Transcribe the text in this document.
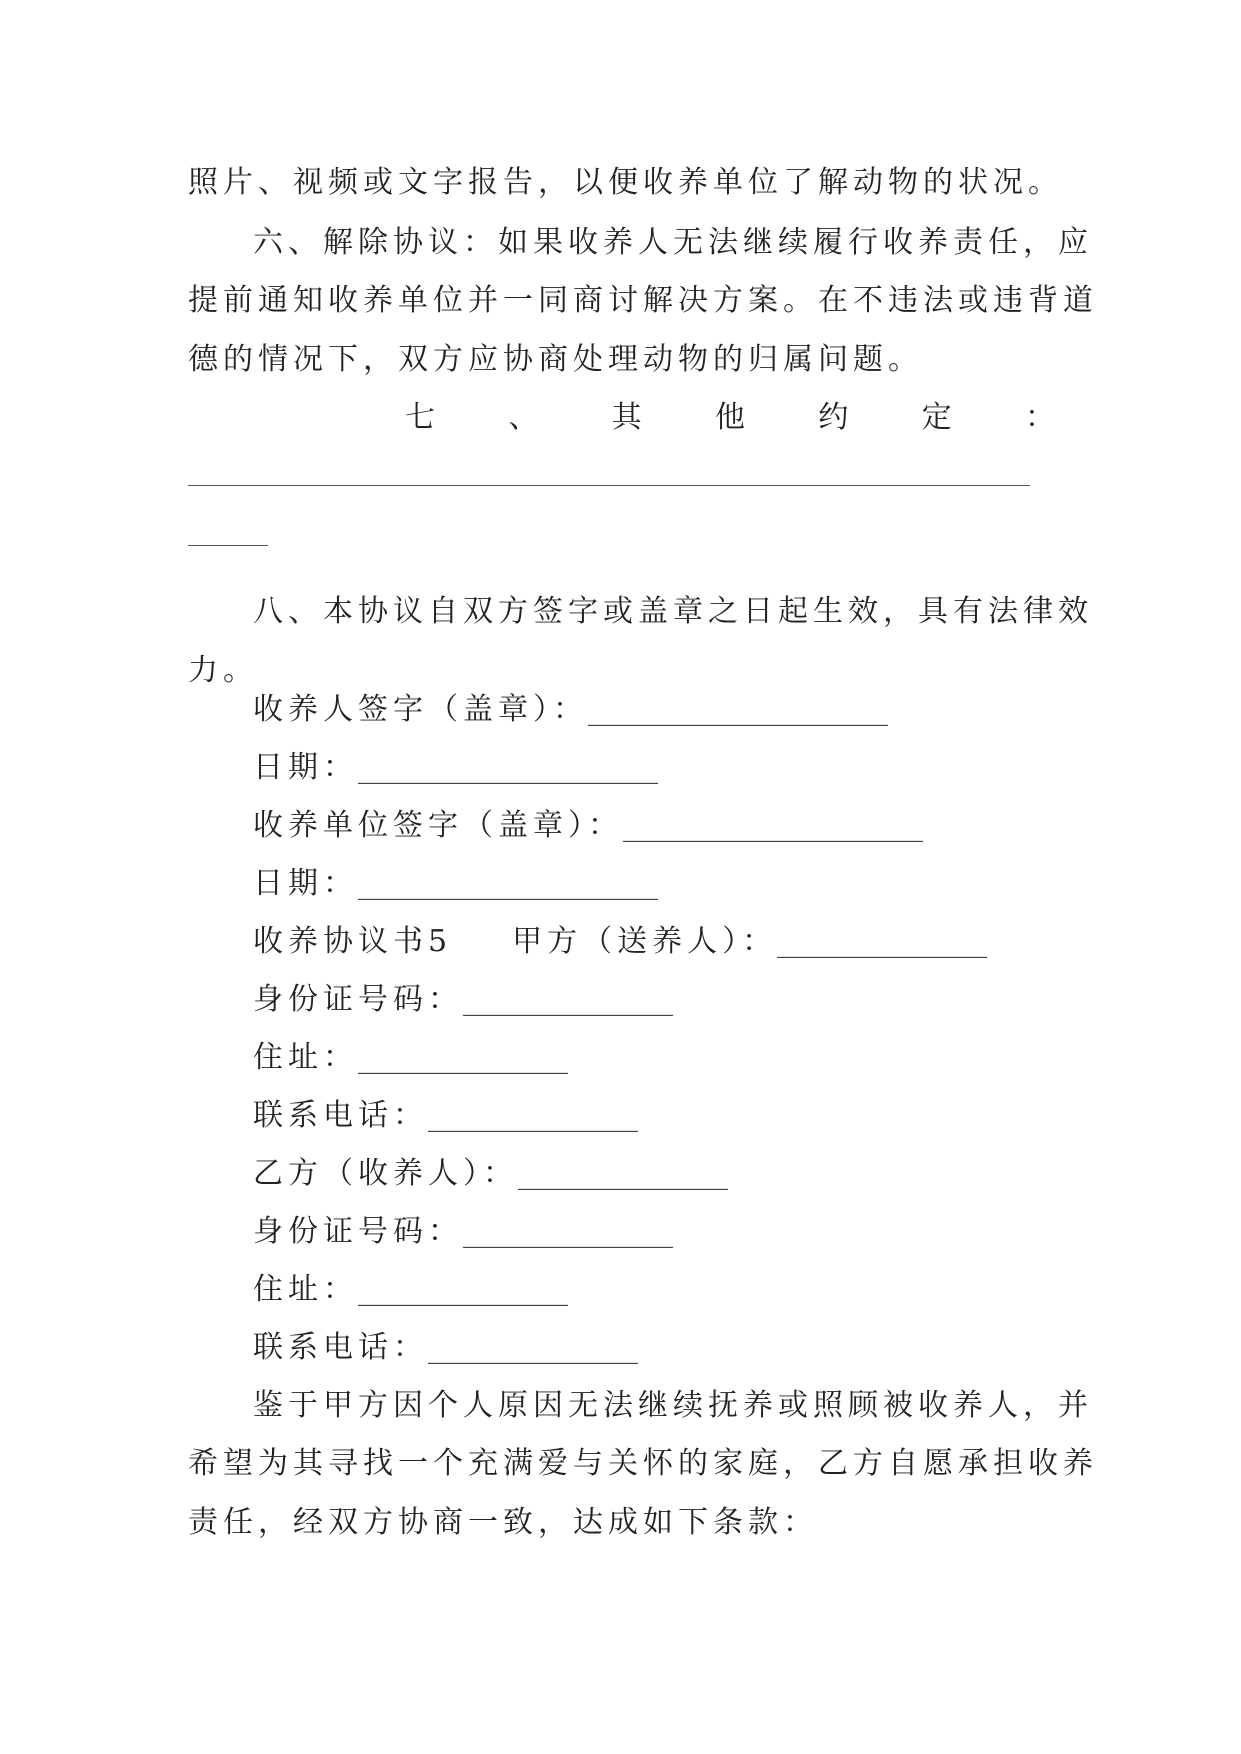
照片、视频或文字报告，以便收养单位了解动物的状况。
六、解除协议：如果收养人无法继续履行收养责任，应
提前通知收养单位并一同商讨解决方案。在不违法或违背道
德的情况下，双方应协商处理动物的归属问题。
七 、 其 他 约 定 ：
八、本协议自双方签字或盖章之日起生效，具有法律效
力。
收养人签字（盖章）：____________________
日期：____________________
收养单位签字（盖章）：____________________
日期：____________________
收养协议书5 甲方（送养人）：______________
身份证号码：______________
住址：______________
联系电话：______________
乙方（收养人）：______________
身份证号码：______________
住址：______________
联系电话：______________
鉴于甲方因个人原因无法继续抚养或照顾被收养人，并
希望为其寻找一个充满爱与关怀的家庭，乙方自愿承担收养
责任，经双方协商一致，达成如下条款：
